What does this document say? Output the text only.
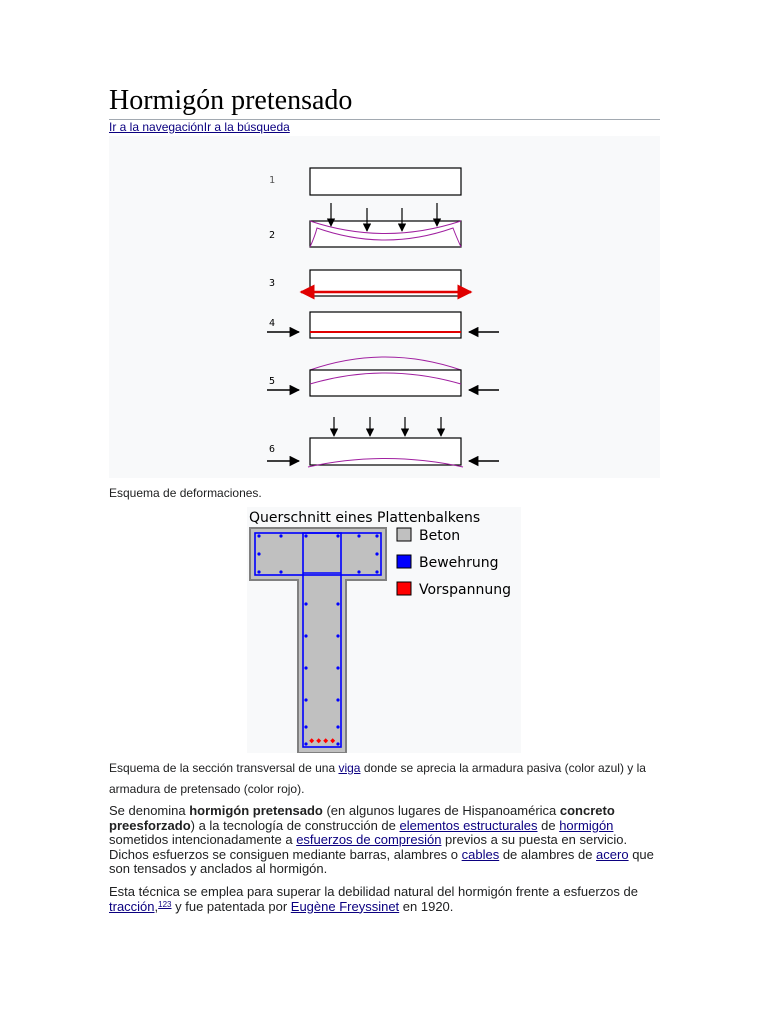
Hormigón pretensado
Ir a la navegaciónIr a la búsqueda
1
2
3
4
5
6
Esquema de deformaciones.
Querschnitt eines Plattenbalkens
Beton
Bewehrung
Vorspannung
Esquema de la sección transversal de una viga donde se aprecia la armadura pasiva (color azul) y la armadura de pretensado (color rojo).

Se denomina hormigón pretensado (en algunos lugares de Hispanoamérica concreto preesforzado) a la tecnología de construcción de elementos estructurales de hormigón sometidos intencionadamente a esfuerzos de compresión previos a su puesta en servicio. Dichos esfuerzos se consiguen mediante barras, alambres o cables de alambres de acero que son tensados y anclados al hormigón.

Esta técnica se emplea para superar la debilidad natural del hormigón frente a esfuerzos de tracción,$^{123}$ y fue patentada por Eugène Freyssinet en 1920.
